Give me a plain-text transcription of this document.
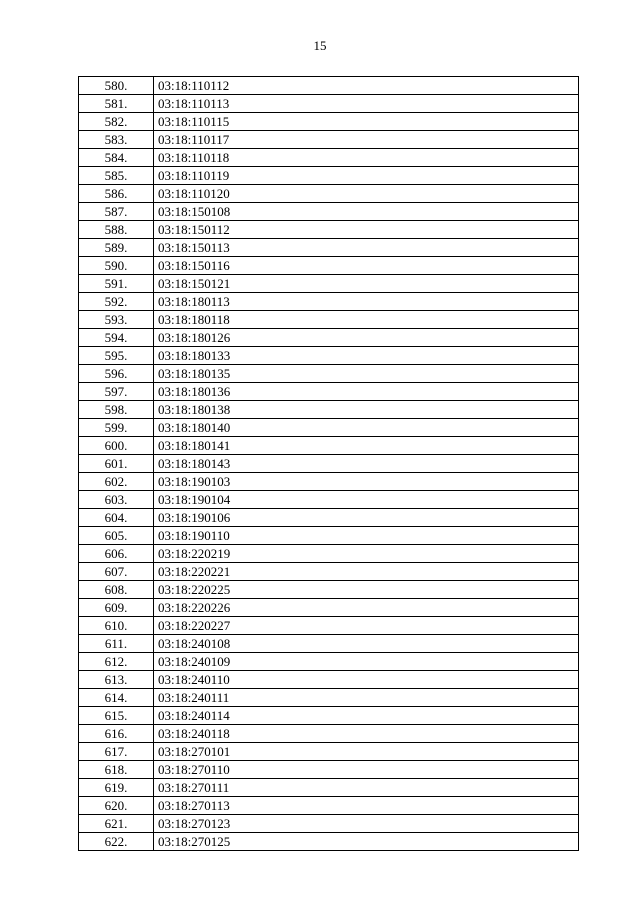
15
580.	03:18:110112
581.	03:18:110113
582.	03:18:110115
583.	03:18:110117
584.	03:18:110118
585.	03:18:110119
586.	03:18:110120
587.	03:18:150108
588.	03:18:150112
589.	03:18:150113
590.	03:18:150116
591.	03:18:150121
592.	03:18:180113
593.	03:18:180118
594.	03:18:180126
595.	03:18:180133
596.	03:18:180135
597.	03:18:180136
598.	03:18:180138
599.	03:18:180140
600.	03:18:180141
601.	03:18:180143
602.	03:18:190103
603.	03:18:190104
604.	03:18:190106
605.	03:18:190110
606.	03:18:220219
607.	03:18:220221
608.	03:18:220225
609.	03:18:220226
610.	03:18:220227
611.	03:18:240108
612.	03:18:240109
613.	03:18:240110
614.	03:18:240111
615.	03:18:240114
616.	03:18:240118
617.	03:18:270101
618.	03:18:270110
619.	03:18:270111
620.	03:18:270113
621.	03:18:270123
622.	03:18:270125
